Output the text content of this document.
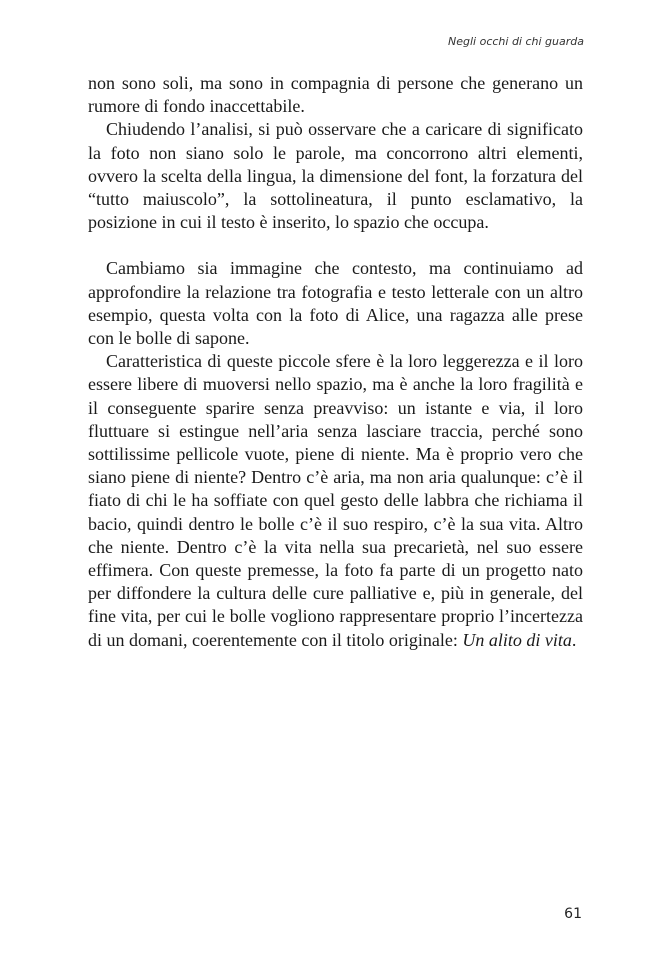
Negli occhi di chi guarda

non sono soli, ma sono in compagnia di persone che generano un rumore di fondo inaccettabile.

Chiudendo l’analisi, si può osservare che a caricare di significato la foto non siano solo le parole, ma concorrono altri elementi, ovvero la scelta della lingua, la dimensione del font, la forzatura del “tutto maiuscolo”, la sottolineatura, il punto esclamativo, la posizione in cui il testo è inserito, lo spazio che occupa.

Cambiamo sia immagine che contesto, ma continuiamo ad approfondire la relazione tra fotografia e testo letterale con un altro esempio, questa volta con la foto di Alice, una ragazza alle prese con le bolle di sapone.

Caratteristica di queste piccole sfere è la loro leggerezza e il loro essere libere di muoversi nello spazio, ma è anche la loro fragilità e il conseguente sparire senza preavviso: un istante e via, il loro fluttuare si estingue nell’aria senza lasciare traccia, perché sono sottilissime pellicole vuote, piene di niente. Ma è proprio vero che siano piene di niente? Dentro c’è aria, ma non aria qualunque: c’è il fiato di chi le ha soffiate con quel gesto delle labbra che richiama il bacio, quindi dentro le bolle c’è il suo respiro, c’è la sua vita. Altro che niente. Dentro c’è la vita nella sua precarietà, nel suo essere effimera. Con queste premesse, la foto fa parte di un progetto nato per diffondere la cultura delle cure palliative e, più in generale, del fine vita, per cui le bolle vogliono rappresentare proprio l’incertezza di un domani, coerentemente con il titolo originale: Un alito di vita.

61
